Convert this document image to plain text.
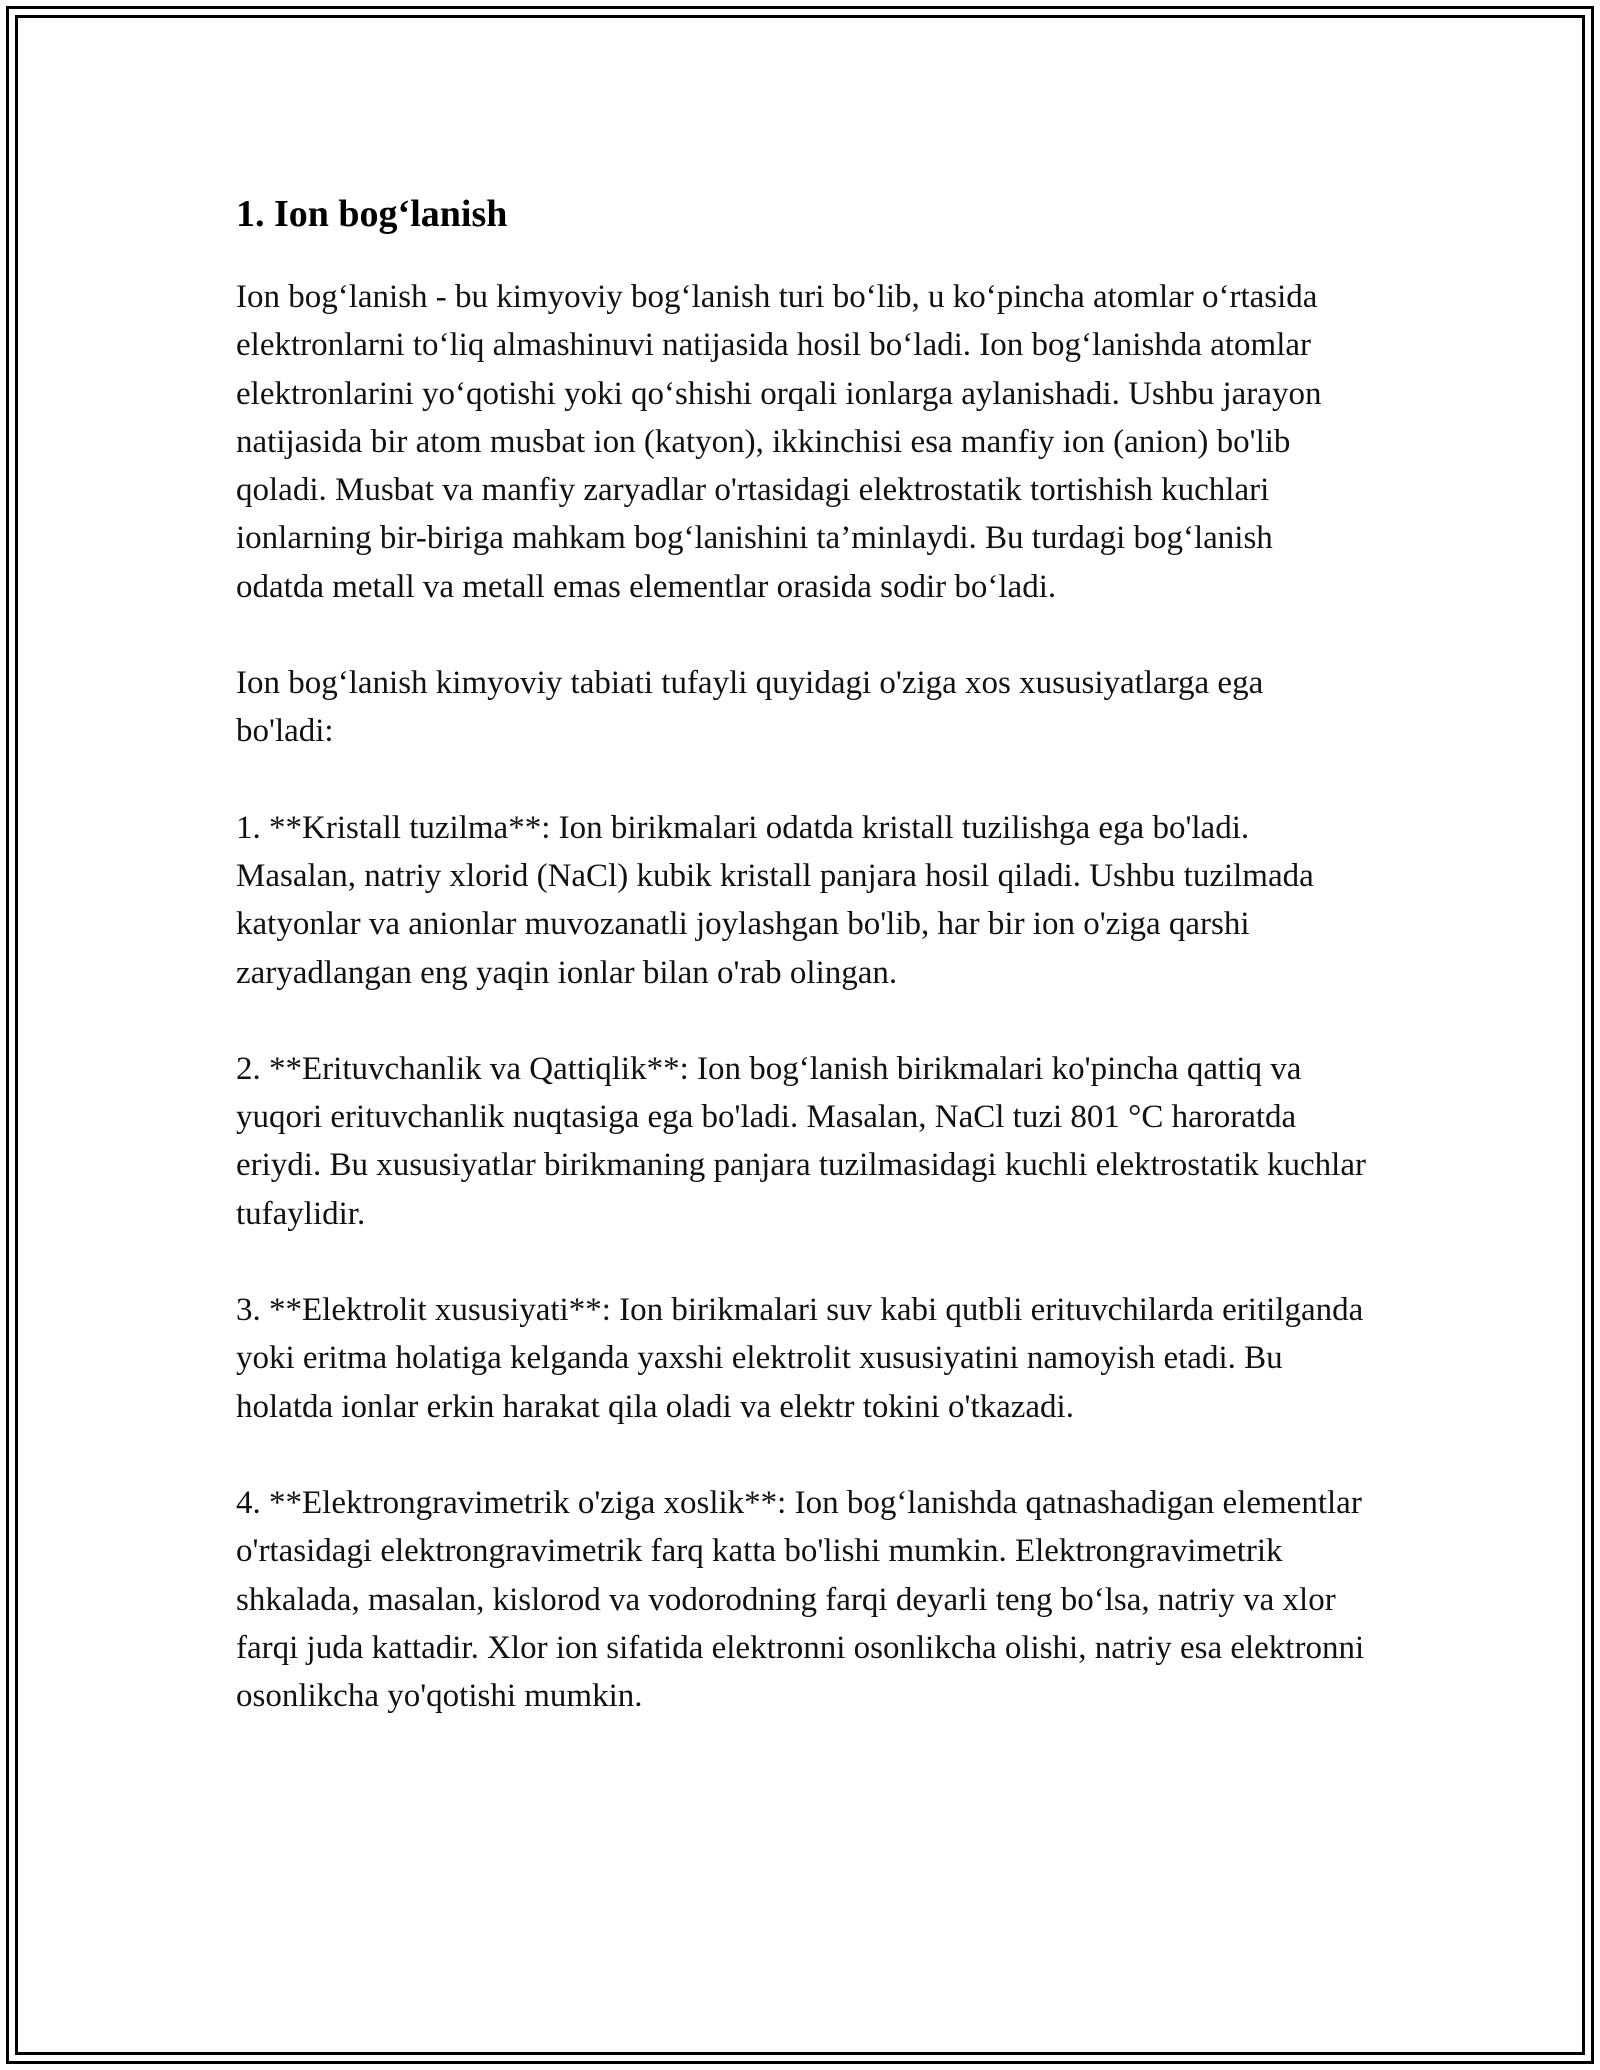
1. Ion bog‘lanish

Ion bog‘lanish - bu kimyoviy bog‘lanish turi bo‘lib, u ko‘pincha atomlar o‘rtasida elektronlarni to‘liq almashinuvi natijasida hosil bo‘ladi. Ion bog‘lanishda atomlar elektronlarini yo‘qotishi yoki qo‘shishi orqali ionlarga aylanishadi. Ushbu jarayon natijasida bir atom musbat ion (katyon), ikkinchisi esa manfiy ion (anion) bo'lib qoladi. Musbat va manfiy zaryadlar o'rtasidagi elektrostatik tortishish kuchlari ionlarning bir-biriga mahkam bog‘lanishini ta’minlaydi. Bu turdagi bog‘lanish odatda metall va metall emas elementlar orasida sodir bo‘ladi.

Ion bog‘lanish kimyoviy tabiati tufayli quyidagi o'ziga xos xususiyatlarga ega bo'ladi:

1. **Kristall tuzilma**: Ion birikmalari odatda kristall tuzilishga ega bo'ladi. Masalan, natriy xlorid (NaCl) kubik kristall panjara hosil qiladi. Ushbu tuzilmada katyonlar va anionlar muvozanatli joylashgan bo'lib, har bir ion o'ziga qarshi zaryadlangan eng yaqin ionlar bilan o'rab olingan.

2. **Erituvchanlik va Qattiqlik**: Ion bog‘lanish birikmalari ko'pincha qattiq va yuqori erituvchanlik nuqtasiga ega bo'ladi. Masalan, NaCl tuzi 801 °C haroratda eriydi. Bu xususiyatlar birikmaning panjara tuzilmasidagi kuchli elektrostatik kuchlar tufaylidir.

3. **Elektrolit xususiyati**: Ion birikmalari suv kabi qutbli erituvchilarda eritilganda yoki eritma holatiga kelganda yaxshi elektrolit xususiyatini namoyish etadi. Bu holatda ionlar erkin harakat qila oladi va elektr tokini o'tkazadi.

4. **Elektrongravimetrik o'ziga xoslik**: Ion bog‘lanishda qatnashadigan elementlar o'rtasidagi elektrongravimetrik farq katta bo'lishi mumkin. Elektrongravimetrik shkalada, masalan, kislorod va vodorodning farqi deyarli teng bo‘lsa, natriy va xlor farqi juda kattadir. Xlor ion sifatida elektronni osonlikcha olishi, natriy esa elektronni osonlikcha yo'qotishi mumkin.
